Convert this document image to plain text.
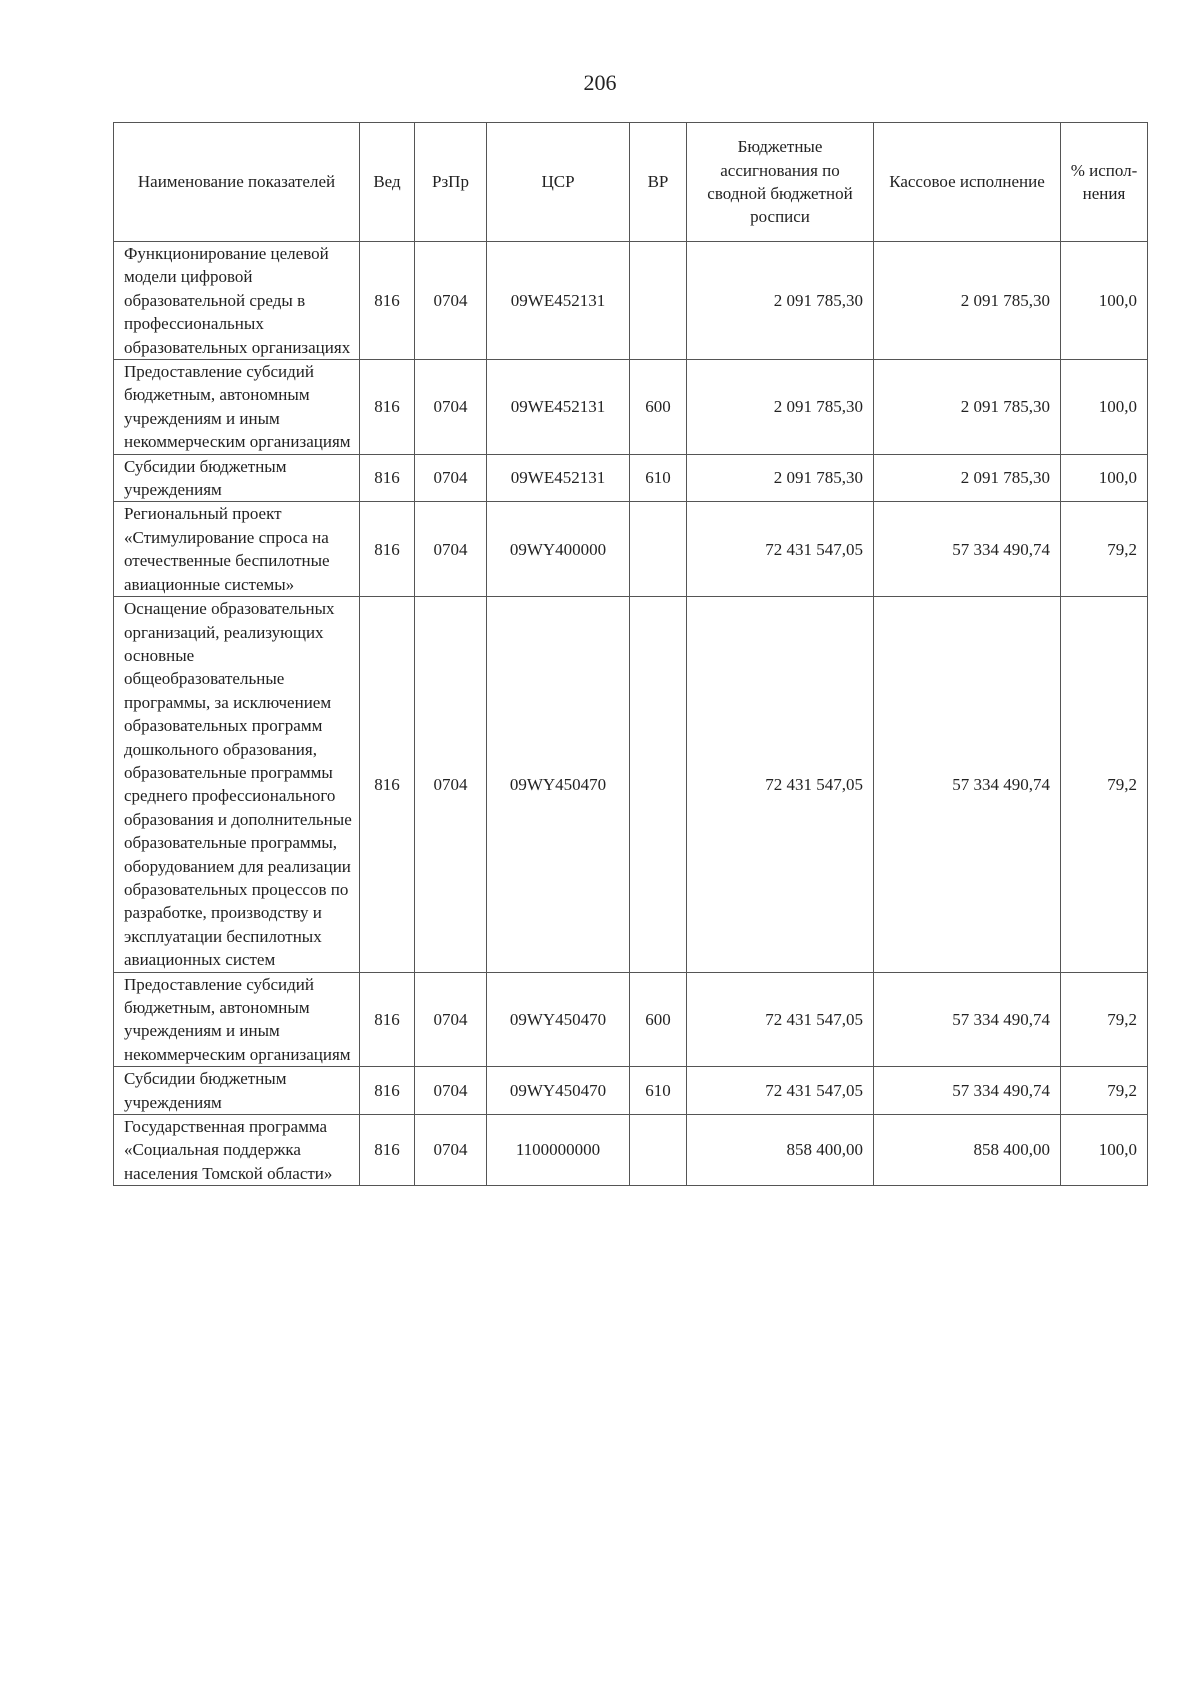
206
Наименование показателей	Вед	РзПр	ЦСР	ВР	Бюджетные ассигнования по сводной бюджетной росписи	Кассовое исполнение	% испол-нения
Функционирование целевой модели цифровой образовательной среды в профессиональных образовательных организациях	816	0704	09WE452131		2 091 785,30	2 091 785,30	100,0
Предоставление субсидий бюджетным, автономным учреждениям и иным некоммерческим организациям	816	0704	09WE452131	600	2 091 785,30	2 091 785,30	100,0
Субсидии бюджетным учреждениям	816	0704	09WE452131	610	2 091 785,30	2 091 785,30	100,0
Региональный проект «Стимулирование спроса на отечественные беспилотные авиационные системы»	816	0704	09WY400000		72 431 547,05	57 334 490,74	79,2
Оснащение образовательных организаций, реализующих основные общеобразовательные программы, за исключением образовательных программ дошкольного образования, образовательные программы среднего профессионального образования и дополнительные образовательные программы, оборудованием для реализации образовательных процессов по разработке, производству и эксплуатации беспилотных авиационных систем	816	0704	09WY450470		72 431 547,05	57 334 490,74	79,2
Предоставление субсидий бюджетным, автономным учреждениям и иным некоммерческим организациям	816	0704	09WY450470	600	72 431 547,05	57 334 490,74	79,2
Субсидии бюджетным учреждениям	816	0704	09WY450470	610	72 431 547,05	57 334 490,74	79,2
Государственная программа «Социальная поддержка населения Томской области»	816	0704	1100000000		858 400,00	858 400,00	100,0
